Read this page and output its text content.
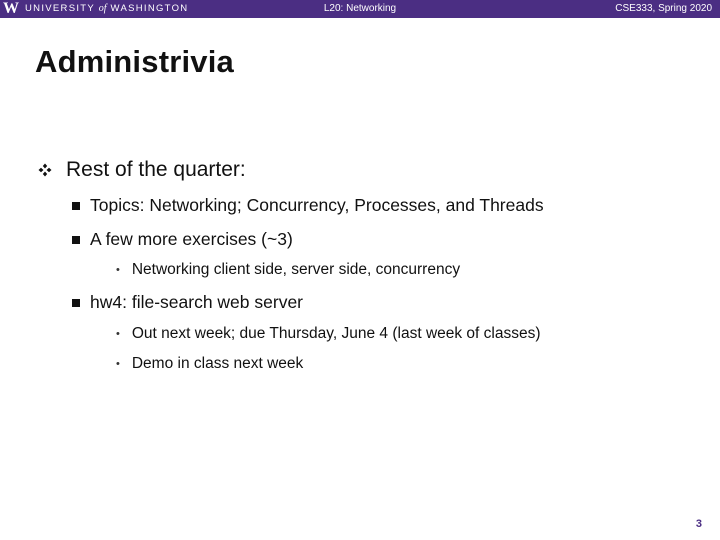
W UNIVERSITY of WASHINGTON	L20: Networking	CSE333, Spring 2020
Administrivia
Rest of the quarter:
Topics: Networking; Concurrency, Processes, and Threads
A few more exercises (~3)
• Networking client side, server side, concurrency
hw4: file-search web server
• Out next week; due Thursday, June 4 (last week of classes)
• Demo in class next week
3
